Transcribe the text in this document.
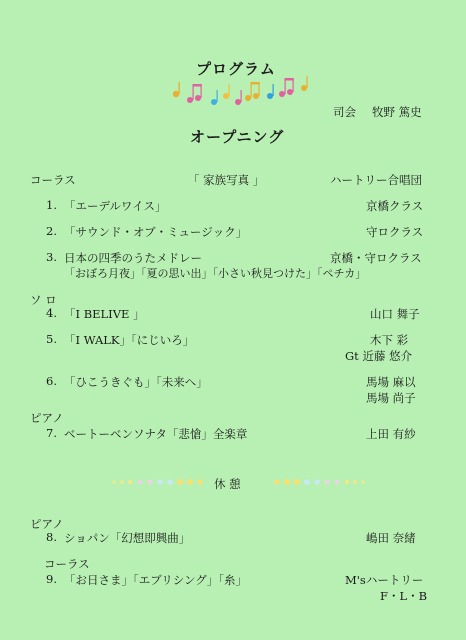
プログラム
司会 牧野 篤史
オープニング
コーラス	「 家族写真 」	ハートリー合唱団
1. 「エーデルワイス」	京橋クラス
2. 「サウンド・オブ・ミュージック」	守ロクラス
3. 日本の四季のうたメドレー	京橋・守ロクラス
「おぼろ月夜」「夏の思い出」「小さい秋見つけた」「ペチカ」
ソ ロ
4. 「I BELIVE 」	山口 舞子
5. 「I WALK」「にじいろ」	木下 彩
Gt 近藤 悠介
6. 「ひこうきぐも」「未来へ」	馬場 麻以
馬場 尚子
ピアノ
7. ベートーベンソナタ「悲愴」全楽章	上田 有紗
休 憩
ピアノ
8. ショパン「幻想即興曲」	嶋田 奈緒
コーラス
9. 「お日さま」「エブリシング」「糸」	M'sハートリー
F・L・B
